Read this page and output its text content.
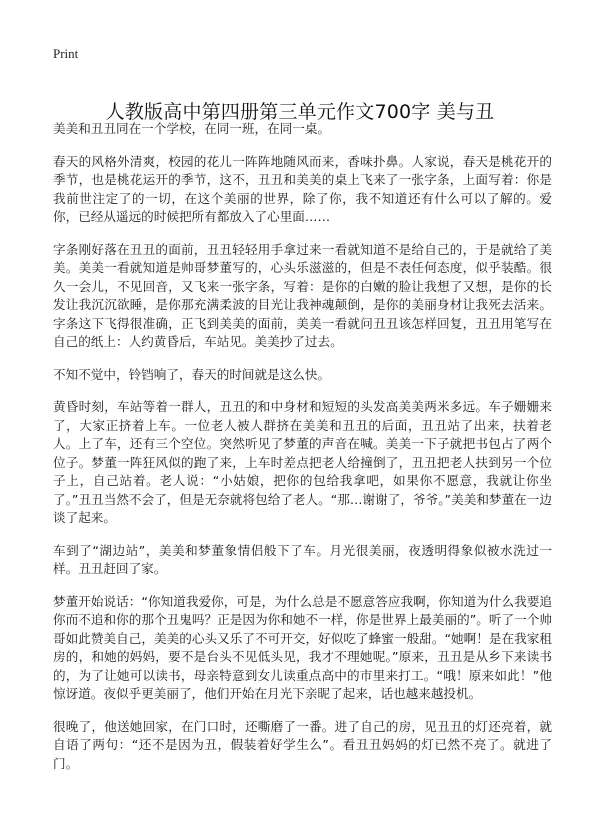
Print
人教版高中第四册第三单元作文700字 美与丑

美美和丑丑同在一个学校，在同一班，在同一桌。

春天的风格外清爽，校园的花儿一阵阵地随风而来，香味扑鼻。人家说，春天是桃花开的季节，也是桃花运开的季节，这不，丑丑和美美的桌上飞来了一张字条，上面写着：你是我前世注定了的一切，在这个美丽的世界，除了你，我不知道还有什么可以了解的。爱你，已经从遥远的时候把所有都放入了心里面……

字条刚好落在丑丑的面前，丑丑轻轻用手拿过来一看就知道不是给自己的，于是就给了美美。美美一看就知道是帅哥梦董写的，心头乐滋滋的，但是不表任何态度，似乎装酷。很久一会儿，不见回音，又飞来一张字条，写着：是你的白嫩的脸让我想了又想，是你的长发让我沉沉欲睡，是你那充满柔波的目光让我神魂颠倒，是你的美丽身材让我死去活来。字条这下飞得很准确，正飞到美美的面前，美美一看就问丑丑该怎样回复，丑丑用笔写在自己的纸上：人约黄昏后，车站见。美美抄了过去。

不知不觉中，铃铛响了，春天的时间就是这么快。

黄昏时刻，车站等着一群人，丑丑的和中身材和短短的头发高美美两米多远。车子姗姗来了，大家正挤着上车。一位老人被人群挤在美美和丑丑的后面，丑丑站了出来，扶着老人。上了车，还有三个空位。突然听见了梦董的声音在喊。美美一下子就把书包占了两个位子。梦董一阵狂风似的跑了来，上车时差点把老人给撞倒了，丑丑把老人扶到另一个位子上，自己站着。老人说：“小姑娘，把你的包给我拿吧，如果你不愿意，我就让你坐了。”丑丑当然不会了，但是无奈就将包给了老人。“那…谢谢了，爷爷。”美美和梦董在一边谈了起来。

车到了“湖边站”，美美和梦董象情侣般下了车。月光很美丽，夜透明得象似被水洗过一样。丑丑赶回了家。

梦董开始说话：“你知道我爱你，可是，为什么总是不愿意答应我啊，你知道为什么我要追你而不追和你的那个丑鬼吗？正是因为你和她不一样，你是世界上最美丽的”。听了一个帅哥如此赞美自己，美美的心头又乐了不可开交，好似吃了蜂蜜一般甜。“她啊！是在我家租房的，和她的妈妈，要不是台头不见低头见，我才不理她呢。”原来，丑丑是从乡下来读书的，为了让她可以读书，母亲特意到女儿读重点高中的市里来打工。“哦！原来如此！”他惊讶道。夜似乎更美丽了，他们开始在月光下亲昵了起来，话也越来越投机。

很晚了，他送她回家，在门口时，还嘶磨了一番。进了自己的房，见丑丑的灯还亮着，就自语了两句：“还不是因为丑，假装着好学生么”。看丑丑妈妈的灯已然不亮了。就进了门。
